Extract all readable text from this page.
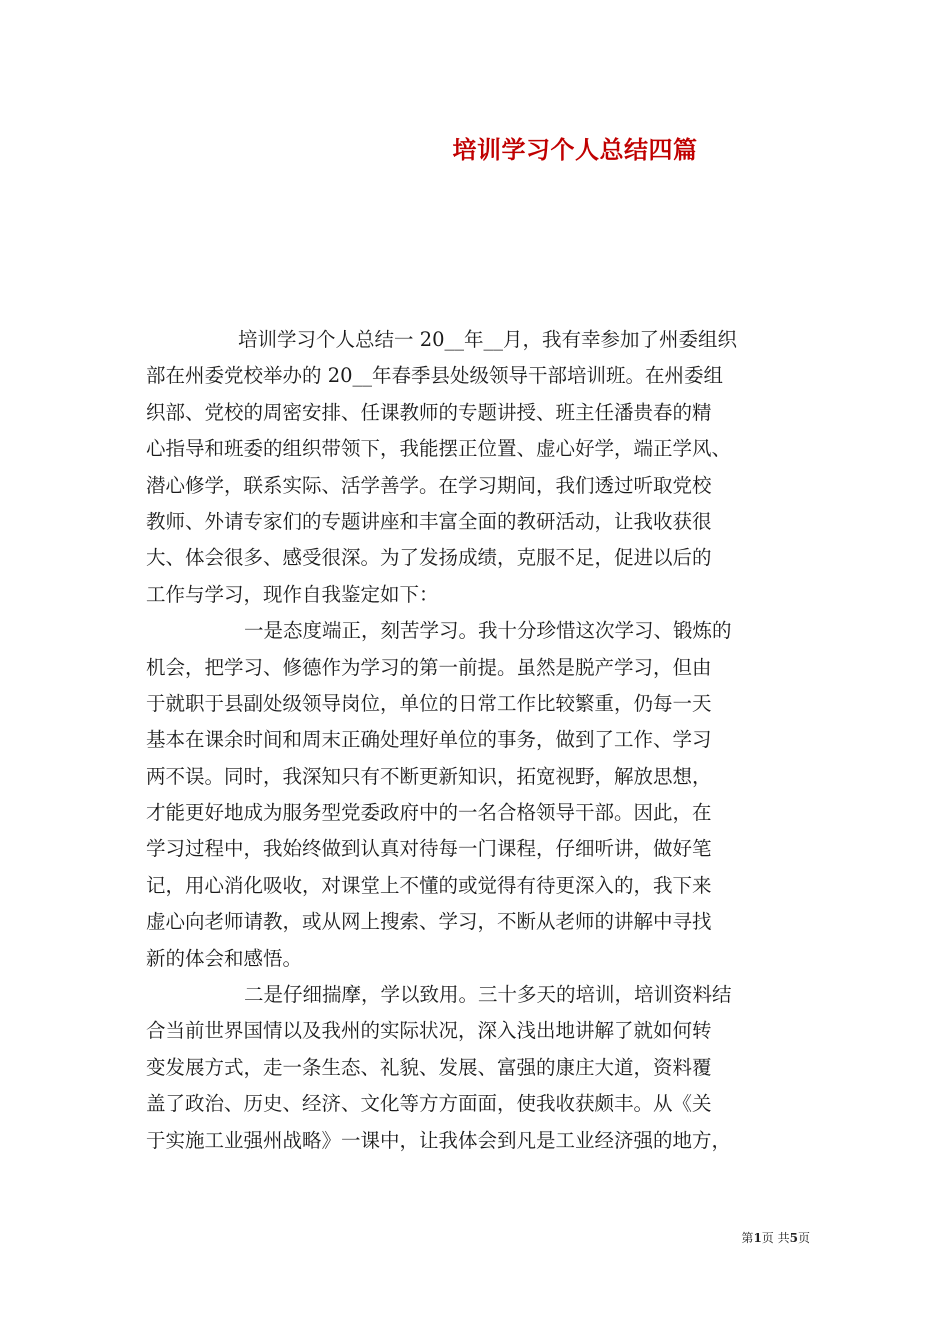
培训学习个人总结四篇
培训学习个人总结一 20__年__月，我有幸参加了州委组织
部在州委党校举办的 20__年春季县处级领导干部培训班。在州委组
织部、党校的周密安排、任课教师的专题讲授、班主任潘贵春的精
心指导和班委的组织带领下，我能摆正位置、虚心好学，端正学风、
潜心修学，联系实际、活学善学。在学习期间，我们透过听取党校
教师、外请专家们的专题讲座和丰富全面的教研活动，让我收获很
大、体会很多、感受很深。为了发扬成绩，克服不足，促进以后的
工作与学习，现作自我鉴定如下：
一是态度端正，刻苦学习。我十分珍惜这次学习、锻炼的
机会，把学习、修德作为学习的第一前提。虽然是脱产学习，但由
于就职于县副处级领导岗位，单位的日常工作比较繁重，仍每一天
基本在课余时间和周末正确处理好单位的事务，做到了工作、学习
两不误。同时，我深知只有不断更新知识，拓宽视野，解放思想，
才能更好地成为服务型党委政府中的一名合格领导干部。因此，在
学习过程中，我始终做到认真对待每一门课程，仔细听讲，做好笔
记，用心消化吸收，对课堂上不懂的或觉得有待更深入的，我下来
虚心向老师请教，或从网上搜索、学习，不断从老师的讲解中寻找
新的体会和感悟。
二是仔细揣摩，学以致用。三十多天的培训，培训资料结
合当前世界国情以及我州的实际状况，深入浅出地讲解了就如何转
变发展方式，走一条生态、礼貌、发展、富强的康庄大道，资料覆
盖了政治、历史、经济、文化等方方面面，使我收获颇丰。从《关
于实施工业强州战略》一课中，让我体会到凡是工业经济强的地方，
第1页 共5页
